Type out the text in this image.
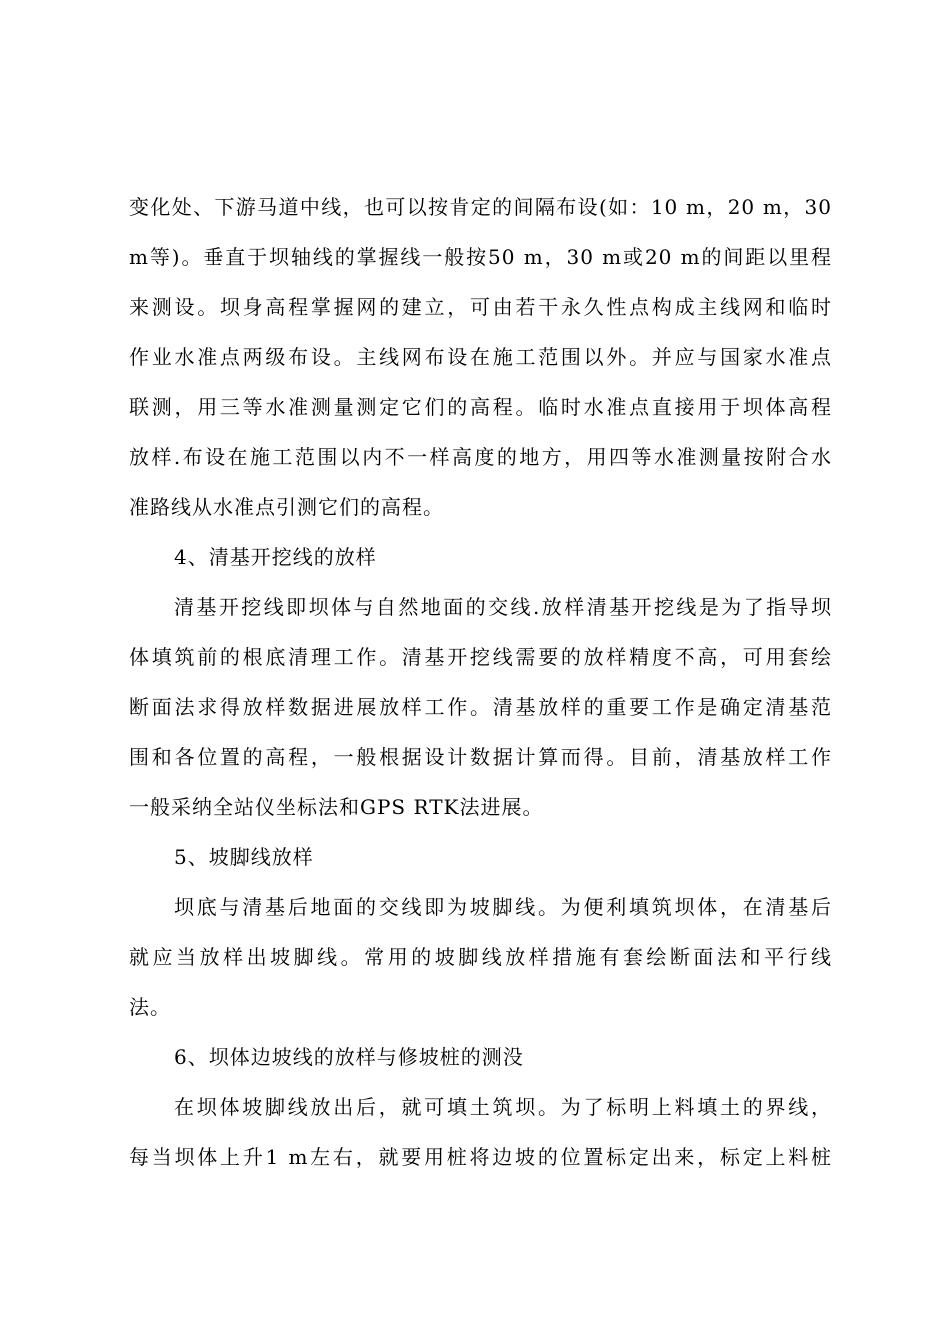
变化处、下游马道中线，也可以按肯定的间隔布设(如：10 m，20 m，30
m等)。垂直于坝轴线的掌握线一般按50 m，30 m或20 m的间距以里程
来测设。坝身高程掌握网的建立，可由若干永久性点构成主线网和临时
作业水准点两级布设。主线网布设在施工范围以外。并应与国家水准点
联测，用三等水准测量测定它们的高程。临时水准点直接用于坝体高程
放样.布设在施工范围以内不一样高度的地方，用四等水准测量按附合水
准路线从水准点引测它们的高程。
4、清基开挖线的放样
清基开挖线即坝体与自然地面的交线.放样清基开挖线是为了指导坝
体填筑前的根底清理工作。清基开挖线需要的放样精度不高，可用套绘
断面法求得放样数据进展放样工作。清基放样的重要工作是确定清基范
围和各位置的高程，一般根据设计数据计算而得。目前，清基放样工作
一般采纳全站仪坐标法和GPS RTK法进展。
5、坡脚线放样
坝底与清基后地面的交线即为坡脚线。为便利填筑坝体，在清基后
就应当放样出坡脚线。常用的坡脚线放样措施有套绘断面法和平行线
法。
6、坝体边坡线的放样与修坡桩的测没
在坝体坡脚线放出后，就可填土筑坝。为了标明上料填土的界线，
每当坝体上升1 m左右，就要用桩将边坡的位置标定出来，标定上料桩
